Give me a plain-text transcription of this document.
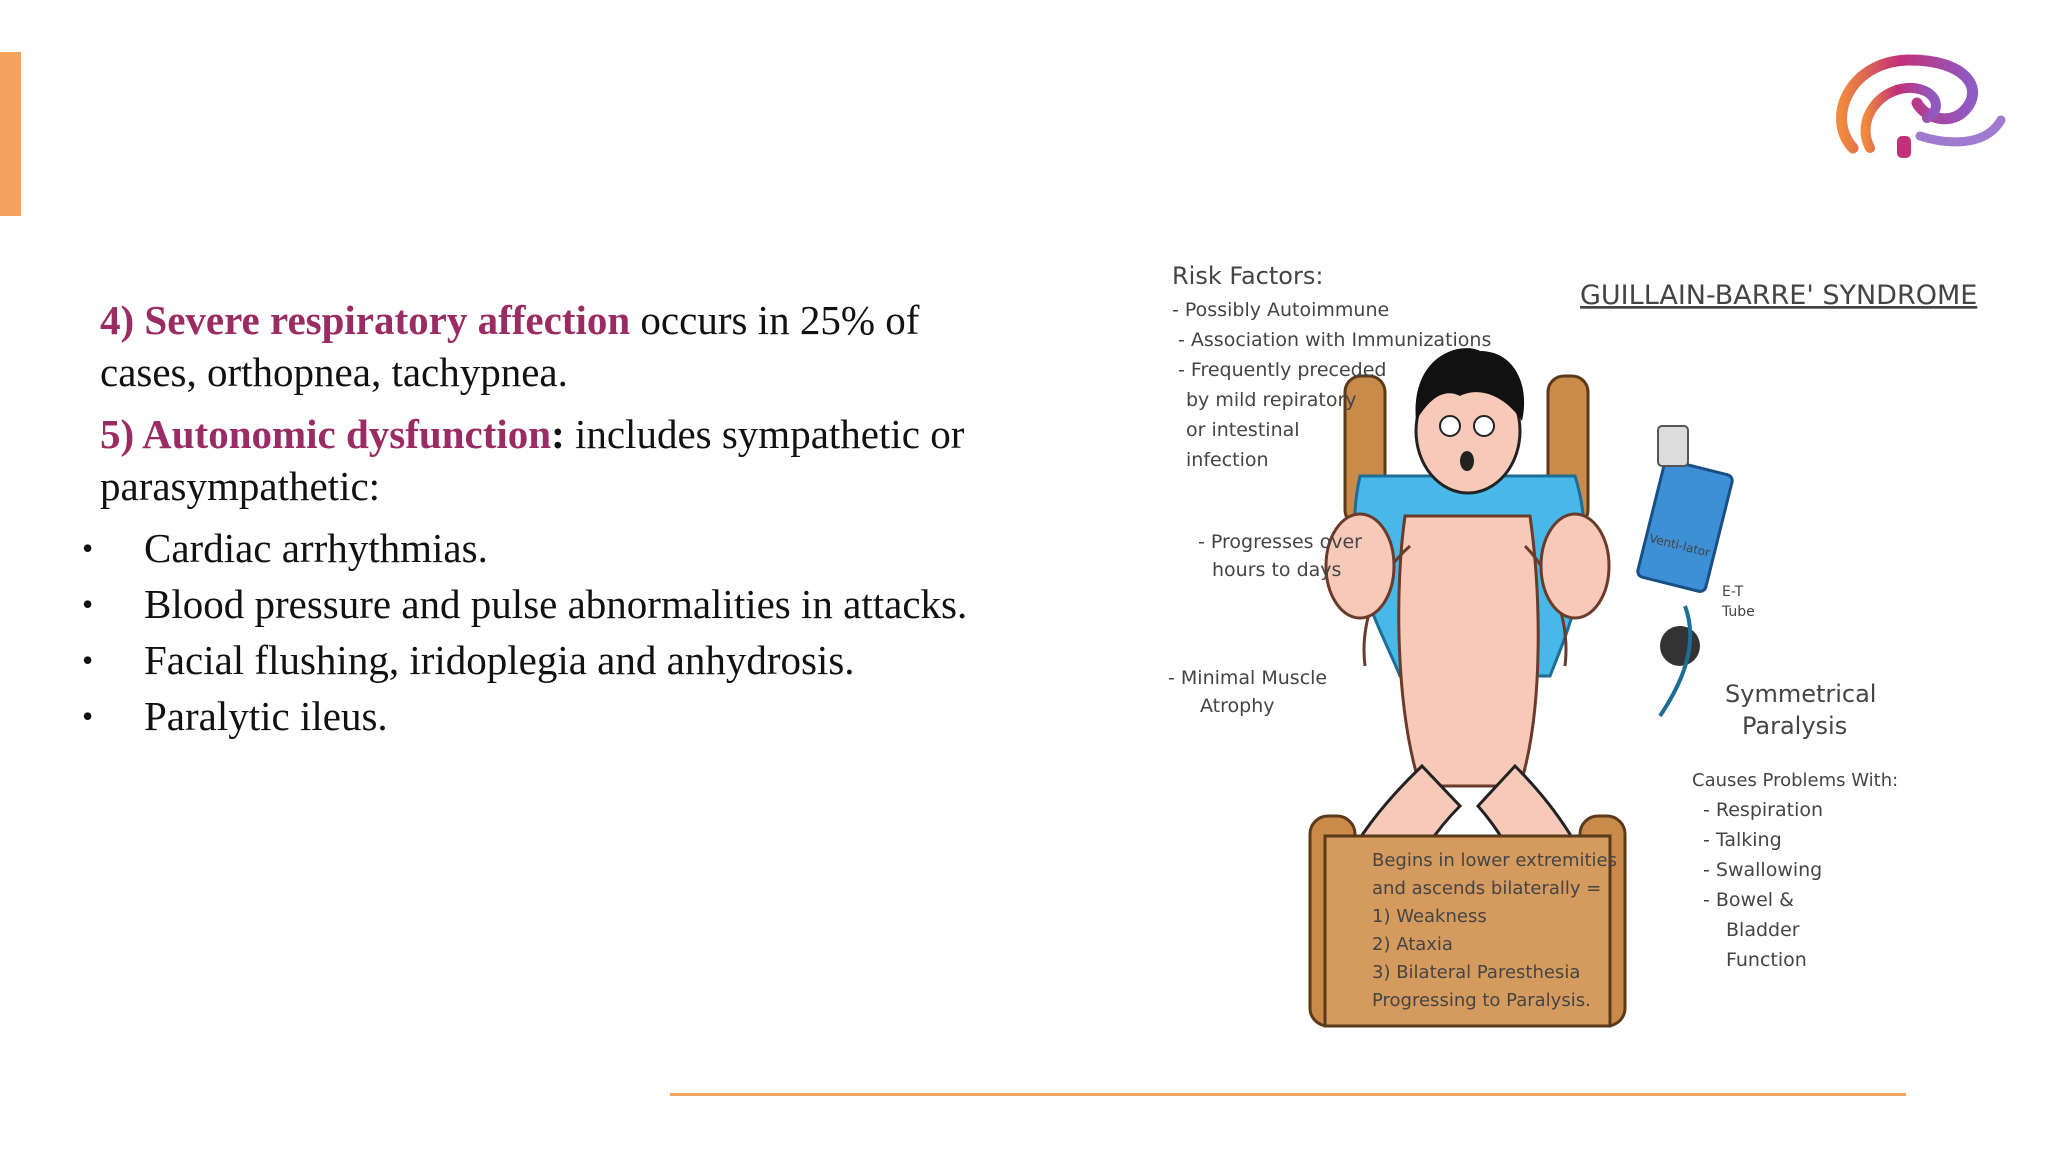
4) Severe respiratory affection occurs in 25% of cases, orthopnea, tachypnea.

5) Autonomic dysfunction: includes sympathetic or parasympathetic:

• Cardiac arrhythmias.
• Blood pressure and pulse abnormalities in attacks.
• Facial flushing, iridoplegia and anhydrosis.
• Paralytic ileus.
GUILLAIN-BARRE' SYNDROME
Risk Factors:
- Possibly Autoimmune - Association with Immunizations - Frequently preceded by mild repiratory or intestinal infection
- Progresses over hours to days
- Minimal Muscle Atrophy
Venti-lator
E-T Tube
Symmetrical Paralysis
Causes Problems With:
- Respiration - Talking - Swallowing - Bowel & Bladder Function
Begins in lower extremities and ascends bilaterally = 1) Weakness 2) Ataxia 3) Bilateral Paresthesia Progressing to Paralysis.
